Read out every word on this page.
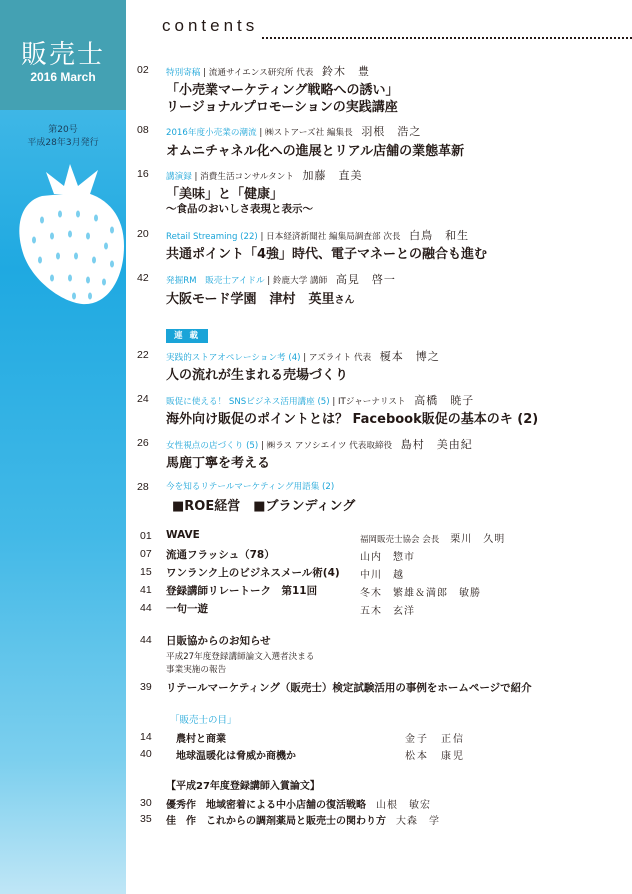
販売士
2016 March
第20号
平成28年3月発行
contents
02 特別寄稿 | 流通サイエンス研究所 代表　 鈴木　豊
「小売業マーケティング戦略への誘い」
リージョナルプロモーションの実践講座
08 2016年度小売業の潮流 | ㈱ストアーズ社 編集長　 羽根　浩之
オムニチャネル化への進展とリアル店舗の業態革新
16 講演録 | 消費生活コンサルタント　 加藤　直美
「美味」と「健康」
～食品のおいしさ表現と表示～
20 Retail Streaming (22) | 日本経済新聞社 編集局調査部 次長　 白鳥　和生
共通ポイント「4強」時代、電子マネーとの融合も進む
42 発掘RM　販売士アイドル | 鈴鹿大学 講師　 高見　啓一
大阪モード学園　津村　英里さん
連 載
22 実践的ストアオペレーション考 (4) | アズライト 代表　 榎本　博之
人の流れが生まれる売場づくり
24 販促に使える！ SNSビジネス活用講座 (5) | ITジャーナリスト　 高橋　暁子
海外向け販促のポイントとは？ Facebook販促の基本のキ (2)
26 女性視点の店づくり (5) | ㈱ラス アソシエイツ 代表取締役　 島村　美由紀
馬鹿丁寧を考える
28 今を知るリテールマーケティング用語集 (2)
■ROE経営　■ブランディング
01 WAVE	福岡販売士協会 会長　 栗川　久明
07 流通フラッシュ（78）	山内　惣市
15 ワンランク上のビジネスメール術(4) 中川　越
41 登録講師リレートーク　第11回	冬木　繁雄＆満郎　敏勝
44 一句一遊	五木　玄洋
44 日販協からのお知らせ
平成27年度登録講師論文入選者決まる
事業実施の報告
39 リテールマーケティング（販売士）検定試験活用の事例をホームページで紹介
「販売士の目」
14 農村と商業	金子　正信
40 地球温暖化は脅威か商機か	松本　康児
【平成27年度登録講師入賞論文】
30 優秀作　地域密着による中小店舗の復活戦略　 山根　敏宏
35 佳　作　これからの調剤薬局と販売士の関わり方　 大森　学
